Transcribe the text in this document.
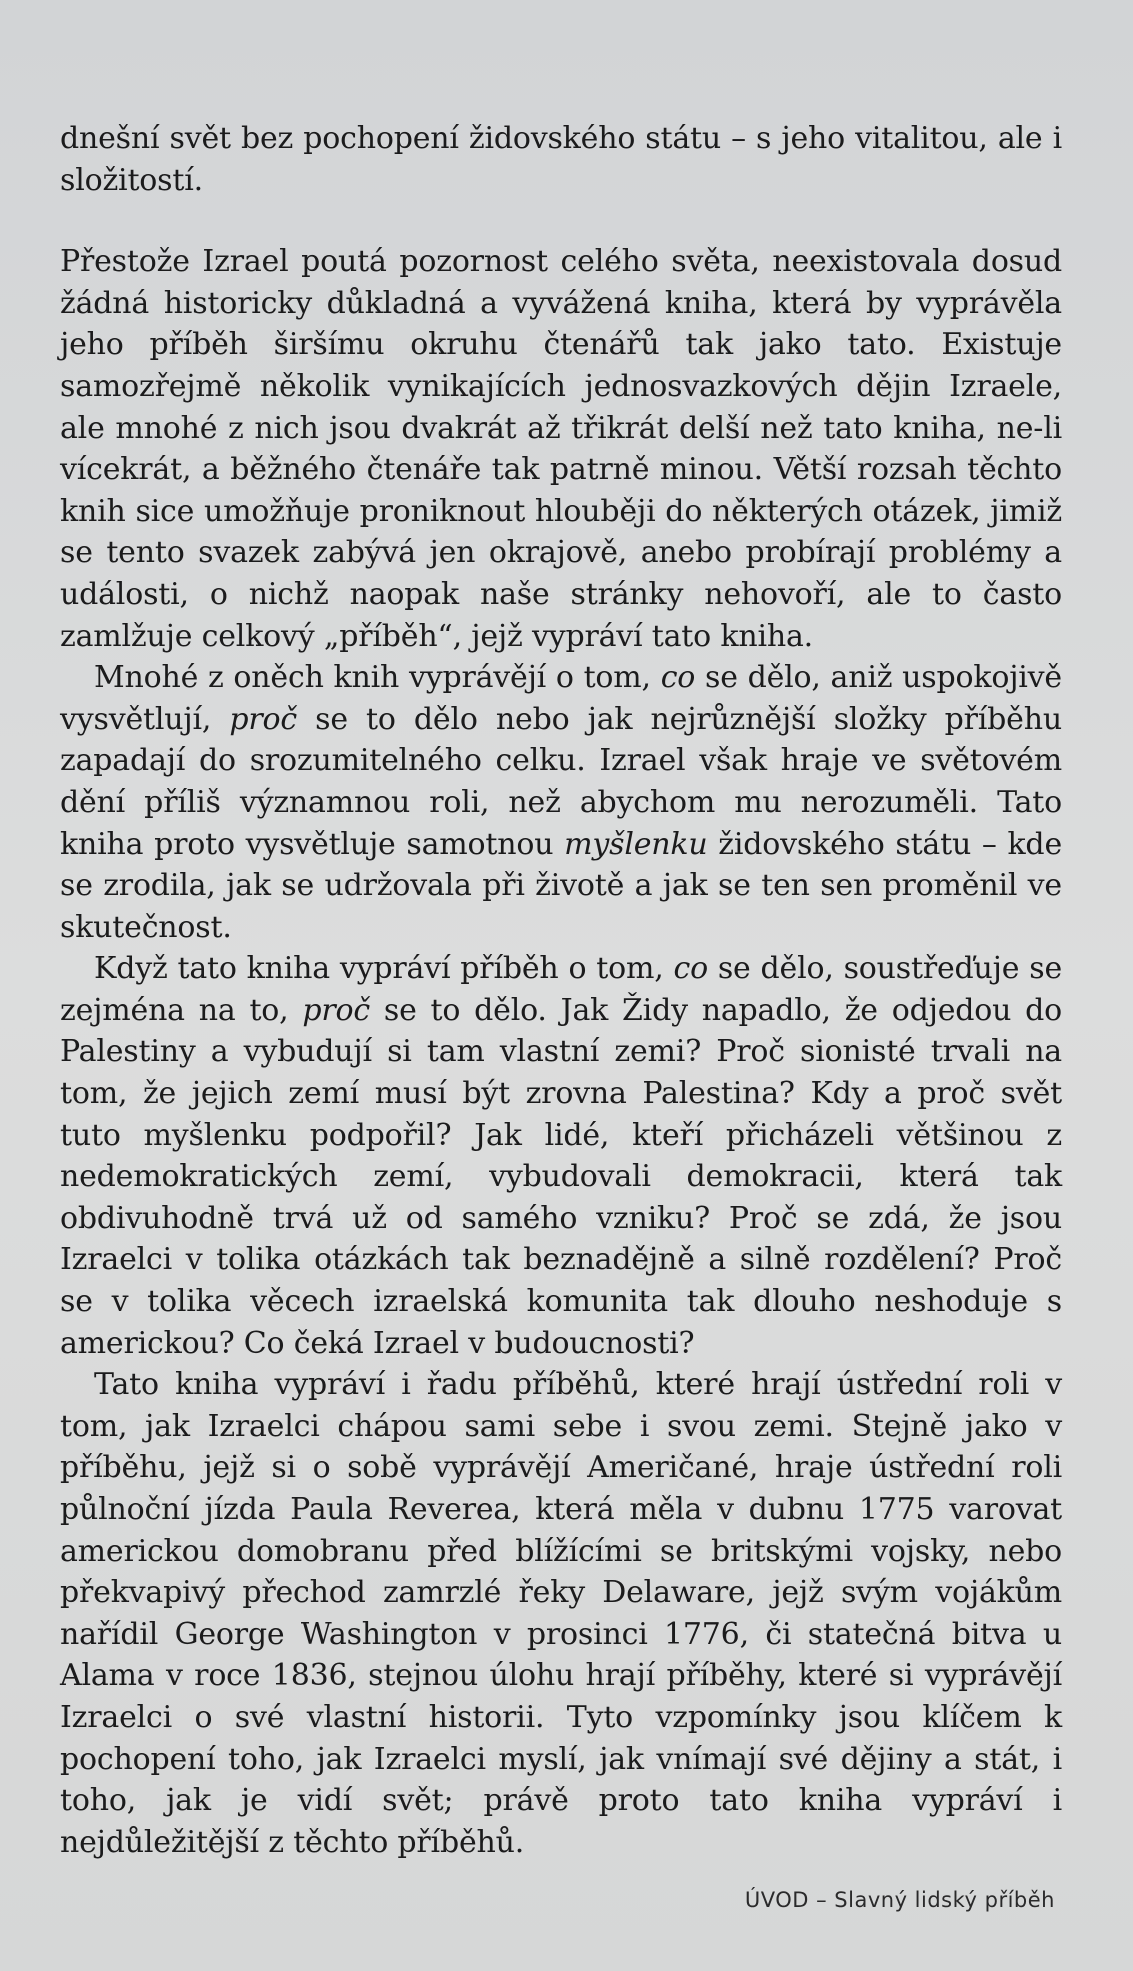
dnešní svět bez pochopení židovského státu – s jeho vitalitou, ale i složitostí.

Přestože Izrael poutá pozornost celého světa, neexistovala dosud žádná historicky důkladná a vyvážená kniha, která by vyprávěla jeho příběh širšímu okruhu čtenářů tak jako tato. Existuje samozřejmě několik vynikajících jednosvazkových dějin Izraele, ale mnohé z nich jsou dvakrát až třikrát delší než tato kniha, ne-li vícekrát, a běžného čtenáře tak patrně minou. Větší rozsah těchto knih sice umožňuje proniknout hlouběji do některých otázek, jimiž se tento svazek zabývá jen okrajově, anebo probírají problémy a události, o nichž naopak naše stránky nehovoří, ale to často zamlžuje celkový „příběh“, jejž vypráví tato kniha.

Mnohé z oněch knih vyprávějí o tom, co se dělo, aniž uspokojivě vysvětlují, proč se to dělo nebo jak nejrůznější složky příběhu zapadají do srozumitelného celku. Izrael však hraje ve světovém dění příliš významnou roli, než abychom mu nerozuměli. Tato kniha proto vysvětluje samotnou myšlenku židovského státu – kde se zrodila, jak se udržovala při životě a jak se ten sen proměnil ve skutečnost.

Když tato kniha vypráví příběh o tom, co se dělo, soustřeďuje se zejména na to, proč se to dělo. Jak Židy napadlo, že odjedou do Palestiny a vybudují si tam vlastní zemi? Proč sionisté trvali na tom, že jejich zemí musí být zrovna Palestina? Kdy a proč svět tuto myšlenku podpořil? Jak lidé, kteří přicházeli většinou z nedemokratických zemí, vybudovali demokracii, která tak obdivuhodně trvá už od samého vzniku? Proč se zdá, že jsou Izraelci v tolika otázkách tak beznadějně a silně rozdělení? Proč se v tolika věcech izraelská komunita tak dlouho neshoduje s americkou? Co čeká Izrael v budoucnosti?

Tato kniha vypráví i řadu příběhů, které hrají ústřední roli v tom, jak Izraelci chápou sami sebe i svou zemi. Stejně jako v příběhu, jejž si o sobě vyprávějí Američané, hraje ústřední roli půlnoční jízda Paula Reverea, která měla v dubnu 1775 varovat americkou domobranu před blížícími se britskými vojsky, nebo překvapivý přechod zamrzlé řeky Delaware, jejž svým vojákům nařídil George Washington v prosinci 1776, či statečná bitva u Alama v roce 1836, stejnou úlohu hrají příběhy, které si vyprávějí Izraelci o své vlastní historii. Tyto vzpomínky jsou klíčem k pochopení toho, jak Izraelci myslí, jak vnímají své dějiny a stát, i toho, jak je vidí svět; právě proto tato kniha vypráví i nejdůležitější z těchto příběhů.

ÚVOD – Slavný lidský příběh
